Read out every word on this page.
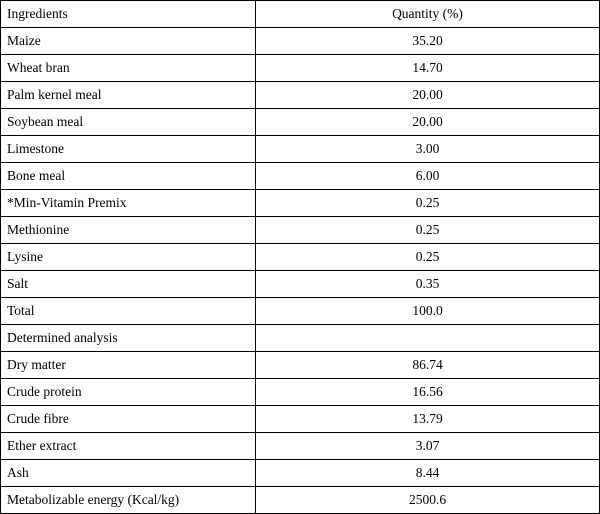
Ingredients	Quantity (%)
Maize	35.20
Wheat bran	14.70
Palm kernel meal	20.00
Soybean meal	20.00
Limestone	3.00
Bone meal	6.00
*Min-Vitamin Premix	0.25
Methionine	0.25
Lysine	0.25
Salt	0.35
Total	100.0
Determined analysis	
Dry matter	86.74
Crude protein	16.56
Crude fibre	13.79
Ether extract	3.07
Ash	8.44
Metabolizable energy (Kcal/kg)	2500.6
